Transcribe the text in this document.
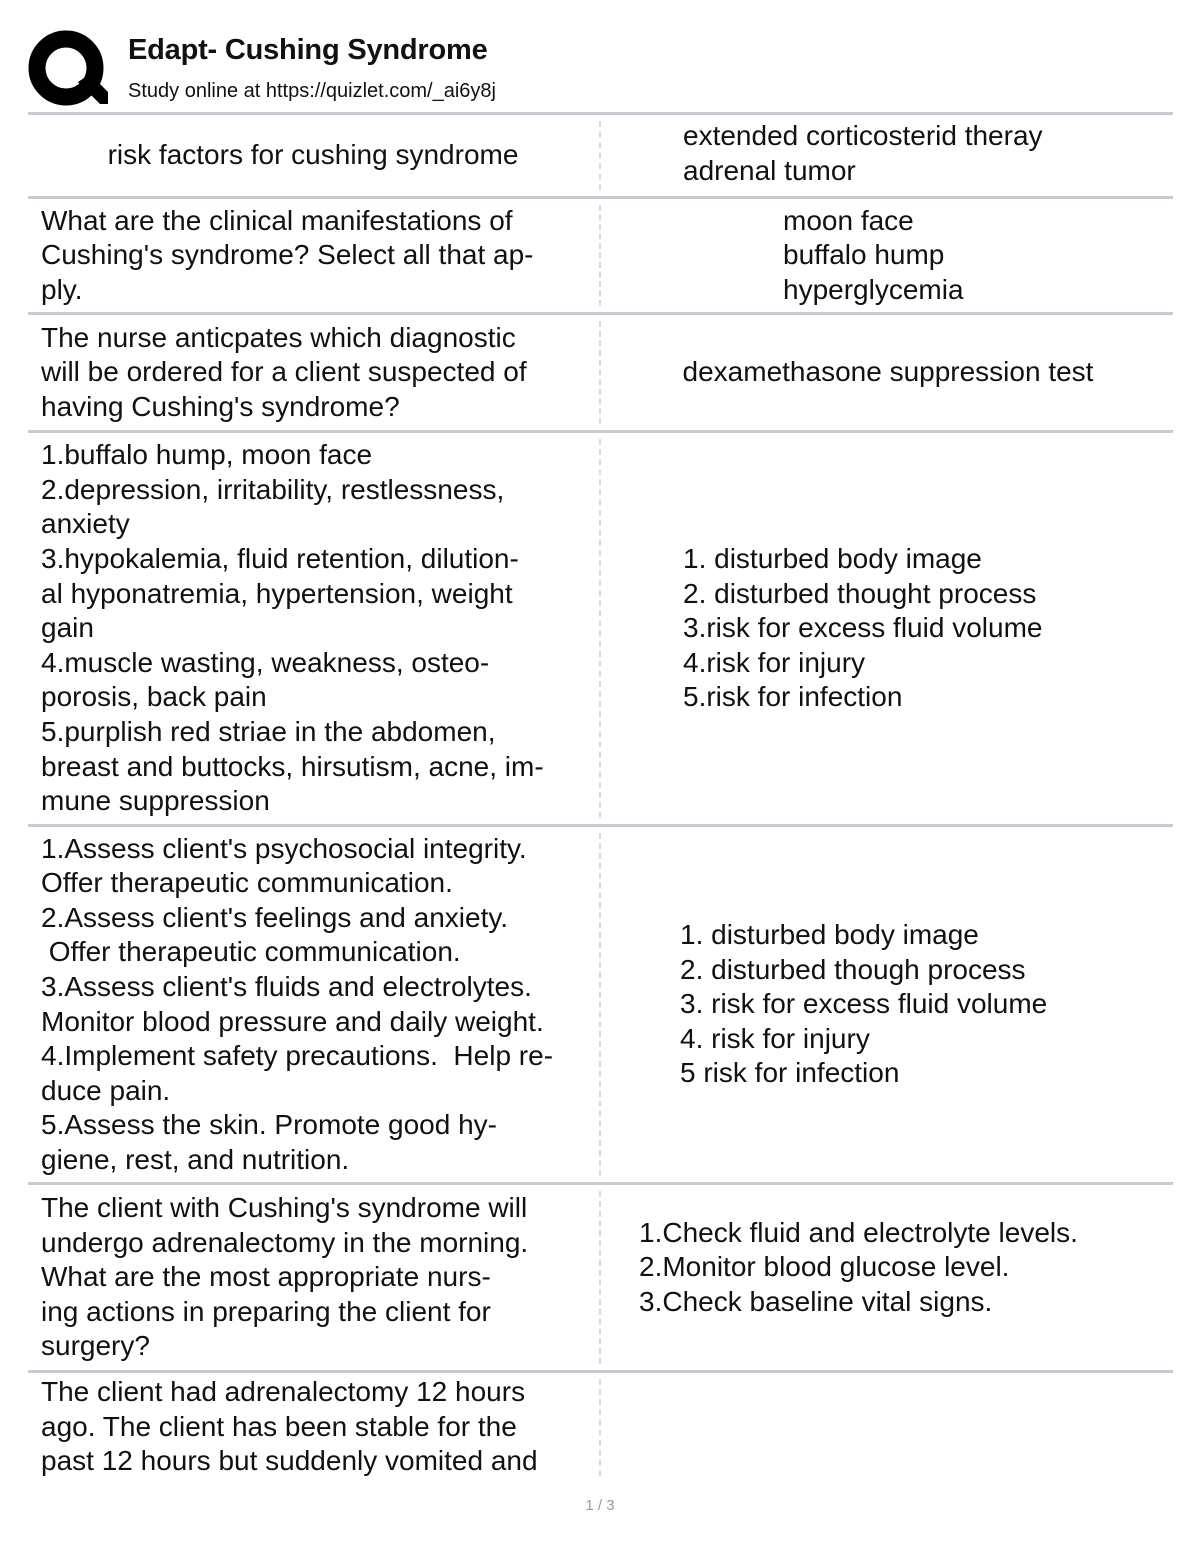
Edapt- Cushing Syndrome
Study online at https://quizlet.com/_ai6y8j
risk factors for cushing syndrome
extended corticosterid theray
adrenal tumor
What are the clinical manifestations of
Cushing's syndrome? Select all that ap-
ply.
moon face
buffalo hump
hyperglycemia
The nurse anticpates which diagnostic
will be ordered for a client suspected of
having Cushing's syndrome?
dexamethasone suppression test
1.buffalo hump, moon face
2.depression, irritability, restlessness,
anxiety
3.hypokalemia, fluid retention, dilution-
al hyponatremia, hypertension, weight
gain
4.muscle wasting, weakness, osteo-
porosis, back pain
5.purplish red striae in the abdomen,
breast and buttocks, hirsutism, acne, im-
mune suppression
1. disturbed body image
2. disturbed thought process
3.risk for excess fluid volume
4.risk for injury
5.risk for infection
1.Assess client's psychosocial integrity.
Offer therapeutic communication.
2.Assess client's feelings and anxiety.
Offer therapeutic communication.
3.Assess client's fluids and electrolytes.
Monitor blood pressure and daily weight.
4.Implement safety precautions.  Help re-
duce pain.
5.Assess the skin. Promote good hy-
giene, rest, and nutrition.
1. disturbed body image
2. disturbed though process
3. risk for excess fluid volume
4. risk for injury
5 risk for infection
The client with Cushing's syndrome will
undergo adrenalectomy in the morning.
What are the most appropriate nurs-
ing actions in preparing the client for
surgery?
1.Check fluid and electrolyte levels.
2.Monitor blood glucose level.
3.Check baseline vital signs.
The client had adrenalectomy 12 hours
ago. The client has been stable for the
past 12 hours but suddenly vomited and
1 / 3
